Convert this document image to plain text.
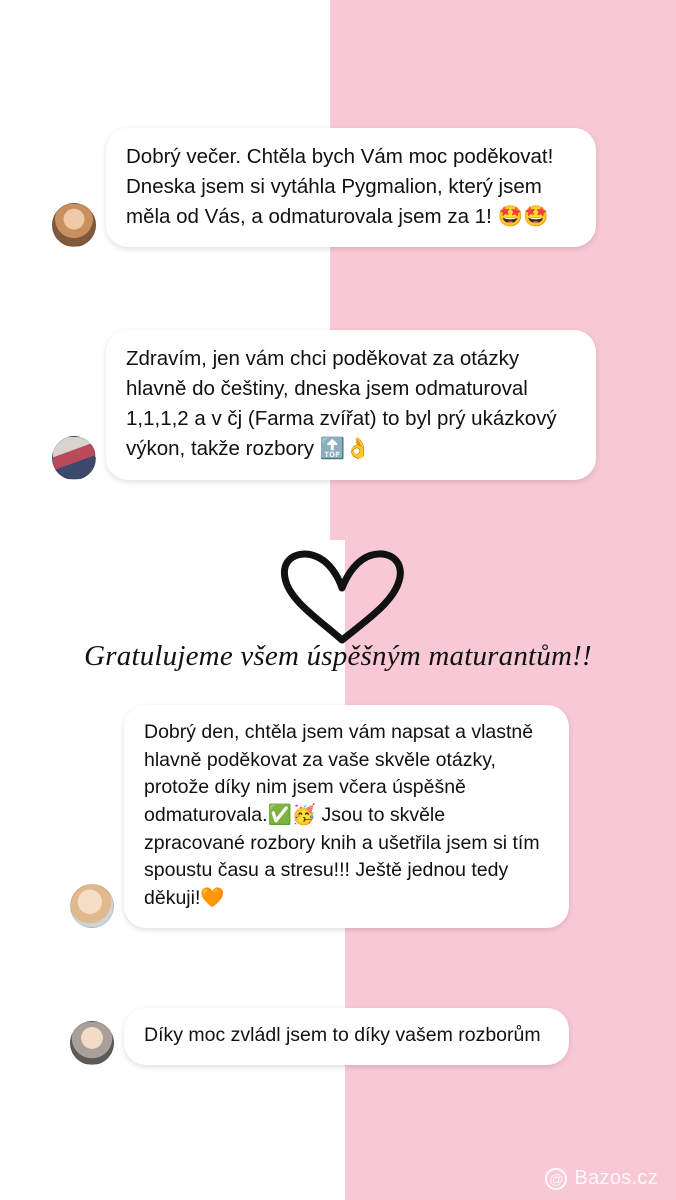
Dobrý večer. Chtěla bych Vám moc poděkovat! Dneska jsem si vytáhla Pygmalion, který jsem měla od Vás, a odmaturovala jsem za 1! 🤩🤩
Zdravím, jen vám chci poděkovat za otázky hlavně do češtiny, dneska jsem odmaturoval 1,1,1,2 a v čj (Farma zvířat) to byl prý ukázkový výkon, takže rozbory 🔝👌
Gratulujeme všem úspěšným maturantům!!
Dobrý den, chtěla jsem vám napsat a vlastně hlavně poděkovat za vaše skvěle otázky, protože díky nim jsem včera úspěšně odmaturovala.✅🥳 Jsou to skvěle zpracované rozbory knih a ušetřila jsem si tím spoustu času a stresu!!! Ještě jednou tedy děkuji!🧡
Díky moc zvládl jsem to díky vašem rozborům
@
Bazos.cz
